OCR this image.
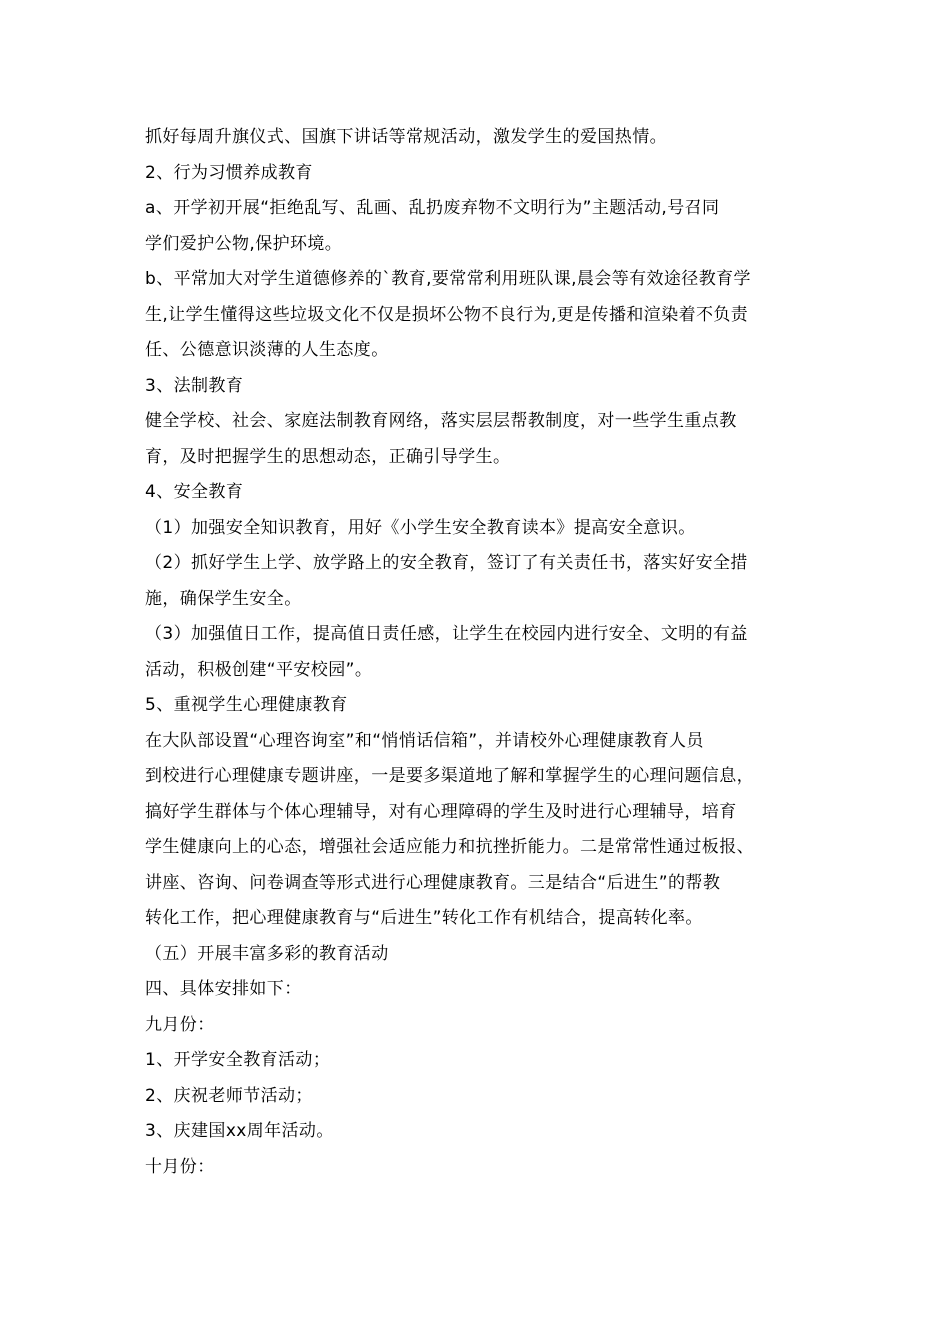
抓好每周升旗仪式、国旗下讲话等常规活动，激发学生的爱国热情。
2、行为习惯养成教育
a、开学初开展“拒绝乱写、乱画、乱扔废弃物不文明行为”主题活动,号召同
学们爱护公物,保护环境。
b、平常加大对学生道德修养的`教育,要常常利用班队课,晨会等有效途径教育学
生,让学生懂得这些垃圾文化不仅是损坏公物不良行为,更是传播和渲染着不负责
任、公德意识淡薄的人生态度。
3、法制教育
健全学校、社会、家庭法制教育网络，落实层层帮教制度，对一些学生重点教
育，及时把握学生的思想动态，正确引导学生。
4、安全教育
（1）加强安全知识教育，用好《小学生安全教育读本》提高安全意识。
（2）抓好学生上学、放学路上的安全教育，签订了有关责任书，落实好安全措
施，确保学生安全。
（3）加强值日工作，提高值日责任感，让学生在校园内进行安全、文明的有益
活动，积极创建“平安校园”。
5、重视学生心理健康教育
在大队部设置“心理咨询室”和“悄悄话信箱”，并请校外心理健康教育人员
到校进行心理健康专题讲座，一是要多渠道地了解和掌握学生的心理问题信息，
搞好学生群体与个体心理辅导，对有心理障碍的学生及时进行心理辅导，培育
学生健康向上的心态，增强社会适应能力和抗挫折能力。二是常常性通过板报、
讲座、咨询、问卷调查等形式进行心理健康教育。三是结合“后进生”的帮教
转化工作，把心理健康教育与“后进生”转化工作有机结合，提高转化率。
（五）开展丰富多彩的教育活动
四、具体安排如下：
九月份：
1、开学安全教育活动；
2、庆祝老师节活动；
3、庆建国xx周年活动。
十月份：
